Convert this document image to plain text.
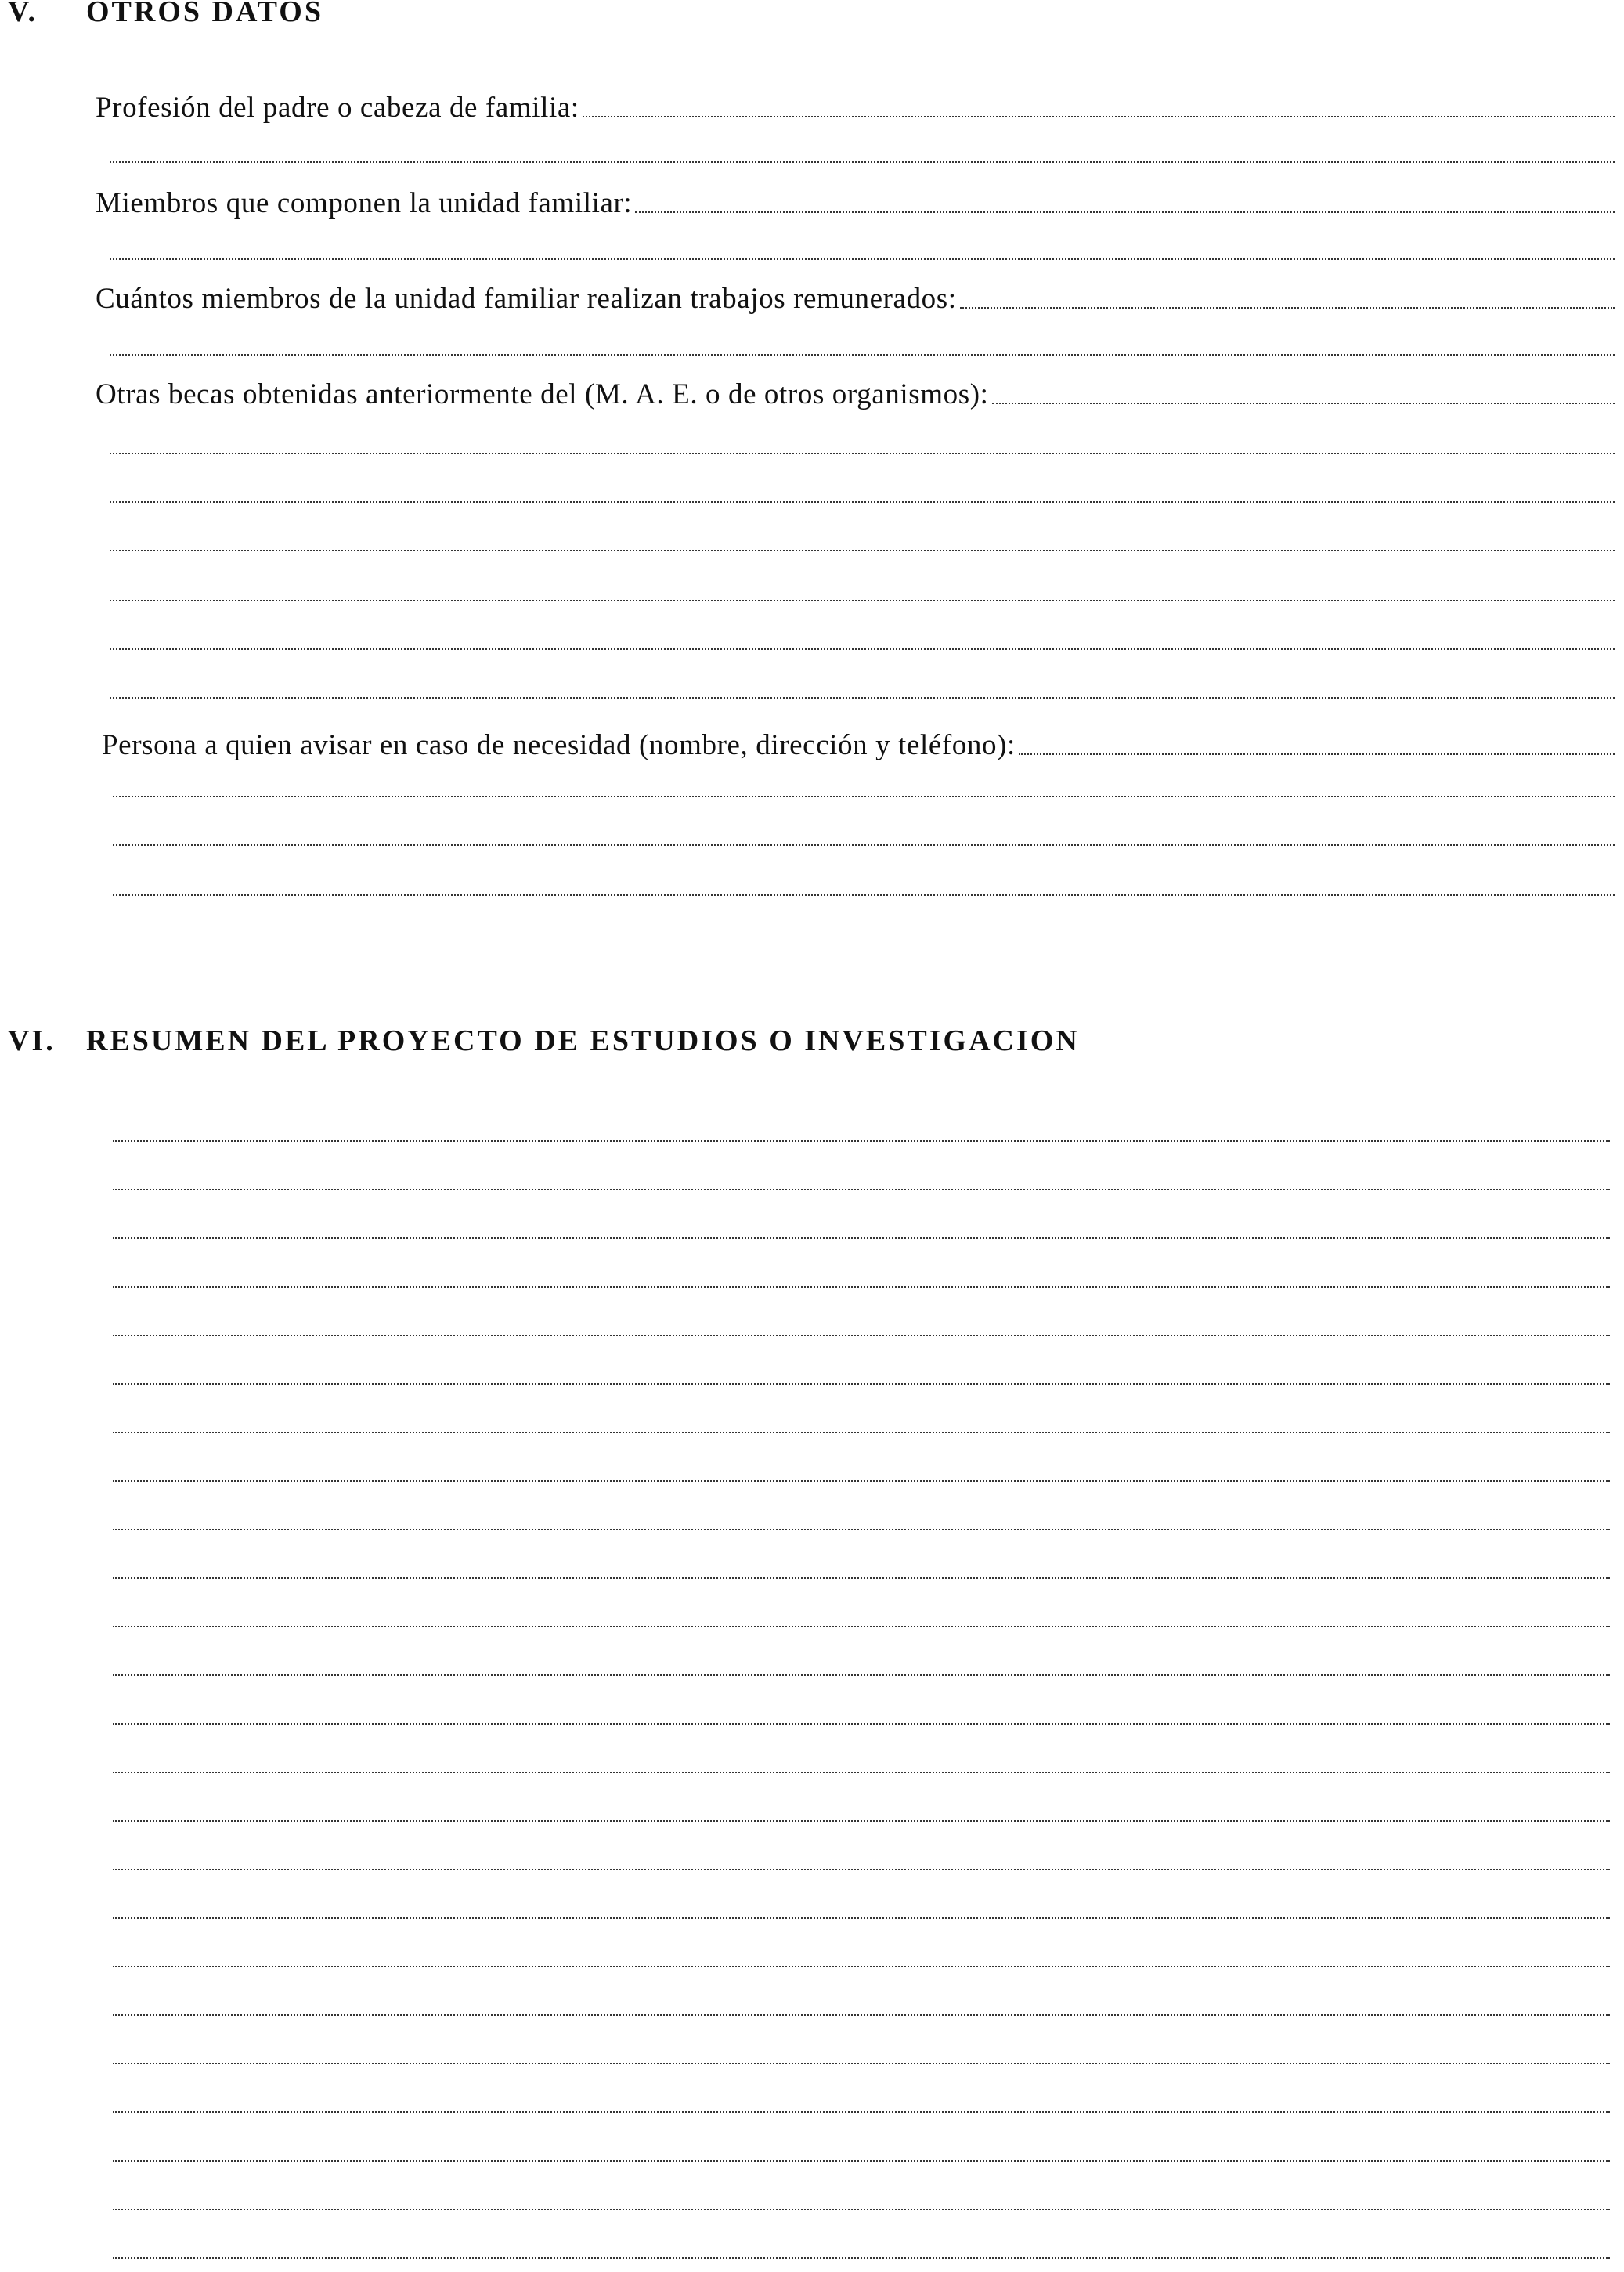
V. OTROS DATOS
Profesión del padre o cabeza de familia:
Miembros que componen la unidad familiar:
Cuántos miembros de la unidad familiar realizan trabajos remunerados:
Otras becas obtenidas anteriormente del (M. A. E. o de otros organismos):
Persona a quien avisar en caso de necesidad (nombre, dirección y teléfono):
VI. RESUMEN DEL PROYECTO DE ESTUDIOS O INVESTIGACION
